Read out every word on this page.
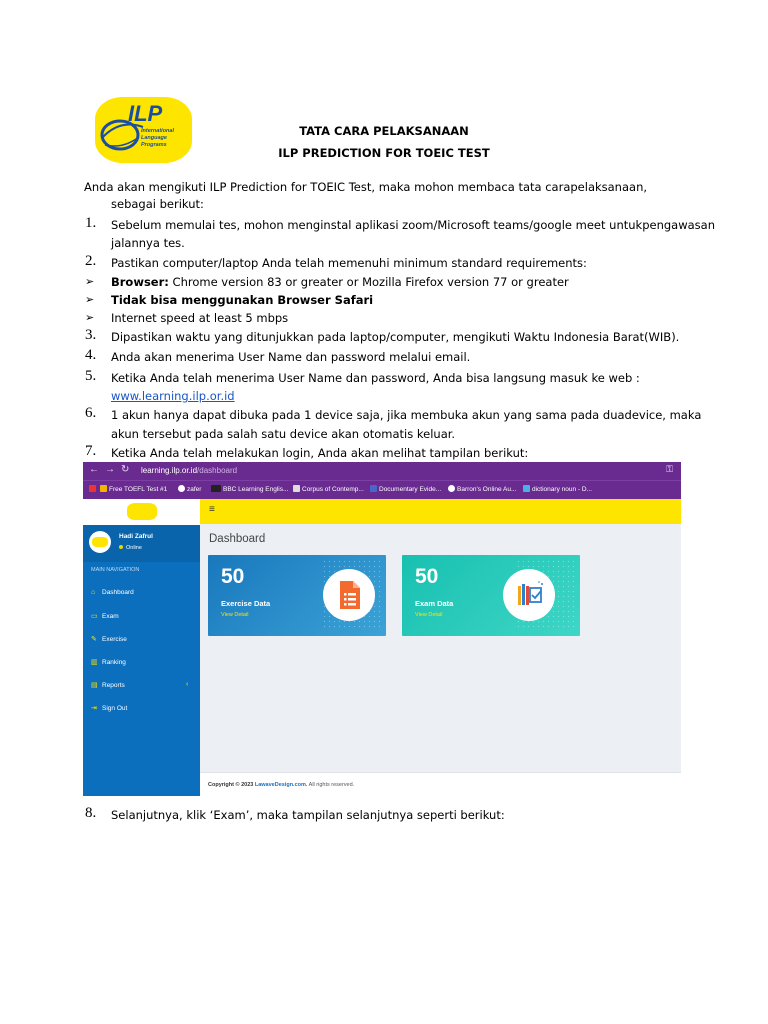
ILP
International Language Programs
TATA CARA PELAKSANAAN
ILP PREDICTION FOR TOEIC TEST
Anda akan mengikuti ILP Prediction for TOEIC Test, maka mohon membaca tata carapelaksanaan,
sebagai berikut:
1. Sebelum memulai tes, mohon menginstal aplikasi zoom/Microsoft teams/google meet untukpengawasan
jalannya tes.
2. Pastikan computer/laptop Anda telah memenuhi minimum standard requirements:
➢ Browser: Chrome version 83 or greater or Mozilla Firefox version 77 or greater
➢ Tidak bisa menggunakan Browser Safari
➢ Internet speed at least 5 mbps
3. Dipastikan waktu yang ditunjukkan pada laptop/computer, mengikuti Waktu Indonesia Barat(WIB).
4. Anda akan menerima User Name dan password melalui email.
5. Ketika Anda telah menerima User Name dan password, Anda bisa langsung masuk ke web :
www.learning.ilp.or.id
6. 1 akun hanya dapat dibuka pada 1 device saja, jika membuka akun yang sama pada duadevice, maka
akun tersebut pada salah satu device akan otomatis keluar.
7. Ketika Anda telah melakukan login, Anda akan melihat tampilan berikut:
← → ↻ learning.ilp.or.id/dashboard	⚿
Free TOEFL Test #1	zafer	BBC Learning Englis...	Corpus of Contemp...	Documentary Evide...	Barron's Online Au...	dictionary noun - D...
Hadi Zafrul
Online
MAIN NAVIGATION
⌂ Dashboard
▭ Exam
✎ Exercise
▥ Ranking
▤ Reports	‹
⇥ Sign Out
≡
Dashboard
50
Exercise Data
View Detail
50
Exam Data
View Detail
Copyright © 2023 LawaveDesign.com. All rights reserved.
8. Selanjutnya, klik ‘Exam’, maka tampilan selanjutnya seperti berikut:
